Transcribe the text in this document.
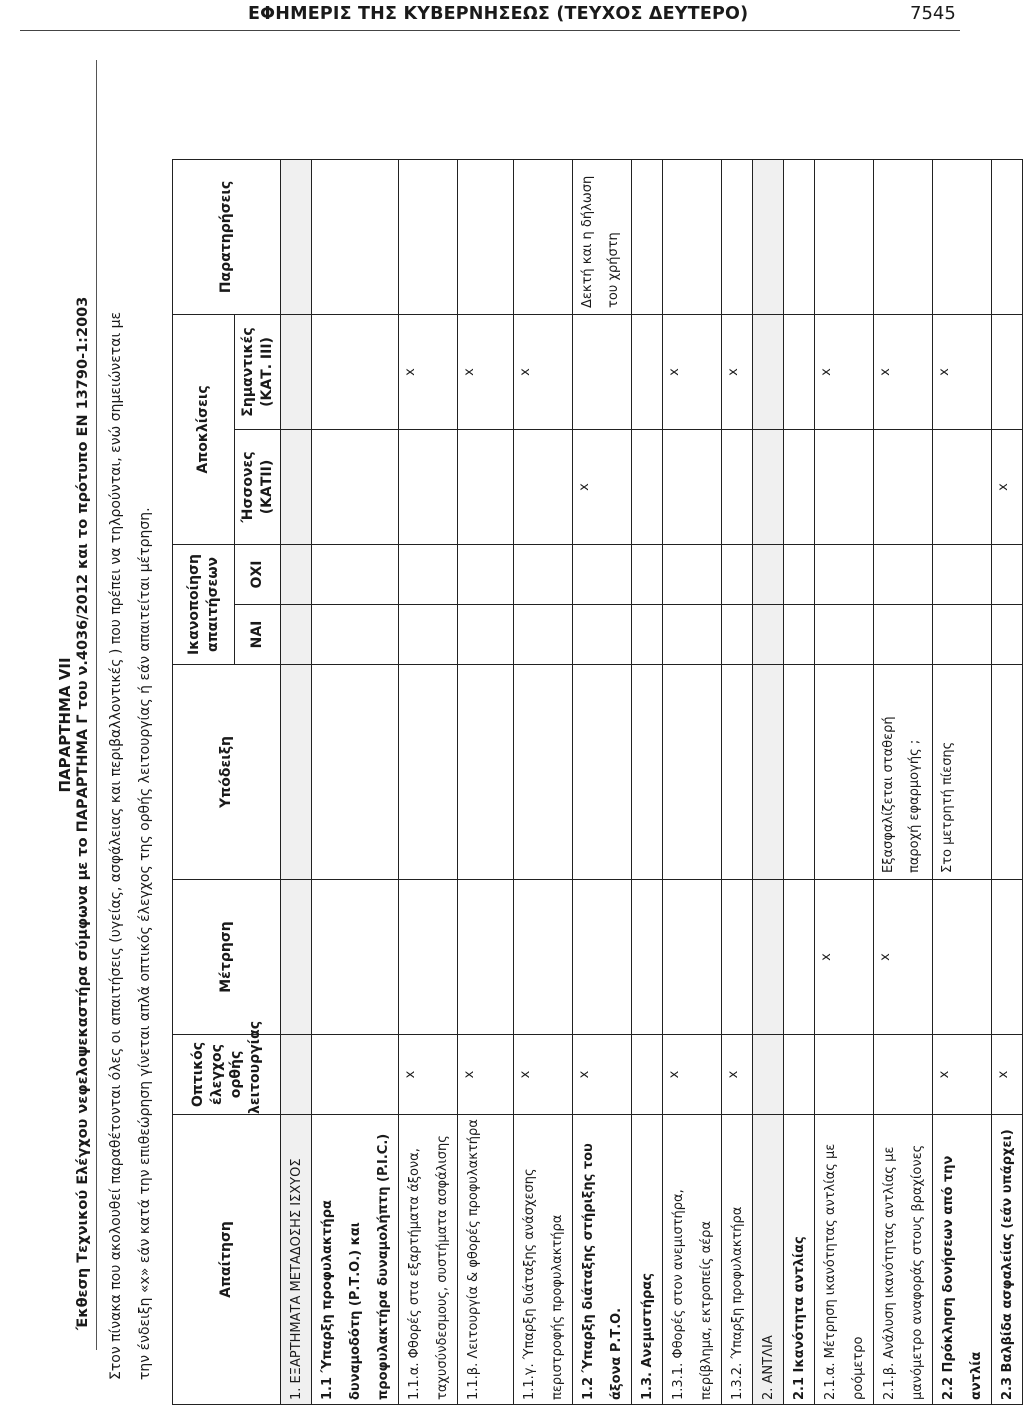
ΕΦΗΜΕΡΙΣ ΤΗΣ ΚΥΒΕΡΝΗΣΕΩΣ (ΤΕΥΧΟΣ ΔΕΥΤΕΡΟ)	7545
ΠΑΡΑΡΤΗΜΑ VII Έκθεση Τεχνικού Ελέγχου νεφελοψεκαστήρα σύμφωνα με το ΠΑΡΑΡΤΗΜΑ Γ του ν.4036/2012 και το πρότυπο ΕΝ 13790-1:2003 Στον πίνακα που ακολουθεί παραθέτονται όλες οι απαιτήσεις (υγείας, ασφάλειας και περιβαλλοντικές ) που πρέπει να τηλρούνται, ενώ σημειώνεται με την ένδειξη «x» εάν κατά την επιθεώρηση γίνεται απλά οπτικός έλεγχος της ορθής λειτουργίας ή εάν απαιτείται μέτρηση.	Απαίτηση	Οπτικός έλεγχος ορθής λειτουργίας	Μέτρηση	Υπόδειξη	Ικανοποίηση απαιτήσεων		Αποκλίσεις		Παρατηρήσεις
				ΝΑΙ	ΟΧΙ	Ήσσονες (ΚΑΤΙΙ)	Σημαντικές (ΚΑΤ. ΙΙΙ)	
1. ΕΞΑΡΤΗΜΑΤΑ ΜΕΤΑΔΟΣΗΣ ΙΣΧΥΟΣ								
1.1 Ύπαρξη προφυλακτήρα δυναμοδότη (Ρ.Τ.Ο.) και προφυλακτήρα δυναμολήπτη (P.I.C.)								
1.1.α. Φθορές στα εξαρτήματα άξονα, ταχυσύνδεσμους, συστήματα ασφάλισης	x						x	
1.1.β. Λειτουργία & φθορές προφυλακτήρα	x						x	
1.1.γ. Ύπαρξη διάταξης ανάσχεσης περιστροφής προφυλακτήρα	x						x	
1.2 Ύπαρξη διάταξης στήριξης του άξονα Ρ.Τ.Ο.	x					x		Δεκτή και η δήλωση του χρήστη
1.3. Ανεμιστήρας								
1.3.1. Φθορές στον ανεμιστήρα, περίβλημα, εκτροπείς αέρα	x						x	
1.3.2. Ύπαρξη προφυλακτήρα	x						x	
2. ΑΝΤΛΙΑ								
2.1 Ικανότητα αντλίας								
2.1.α. Μέτρηση ικανότητας αντλίας με ροόμετρο		x					x	
2.1.β. Ανάλυση ικανότητας αντλίας με μανόμετρο αναφοράς στους βραχίονες		x	Εξασφαλίζεται σταθερή παροχή εφαρμογής ;				x	
2.2 Πρόκληση δονήσεων από την αντλία	x		Στο μετρητή πίεσης				x	
2.3 Βαλβίδα ασφαλείας (εάν υπάρχει)	x					x		
